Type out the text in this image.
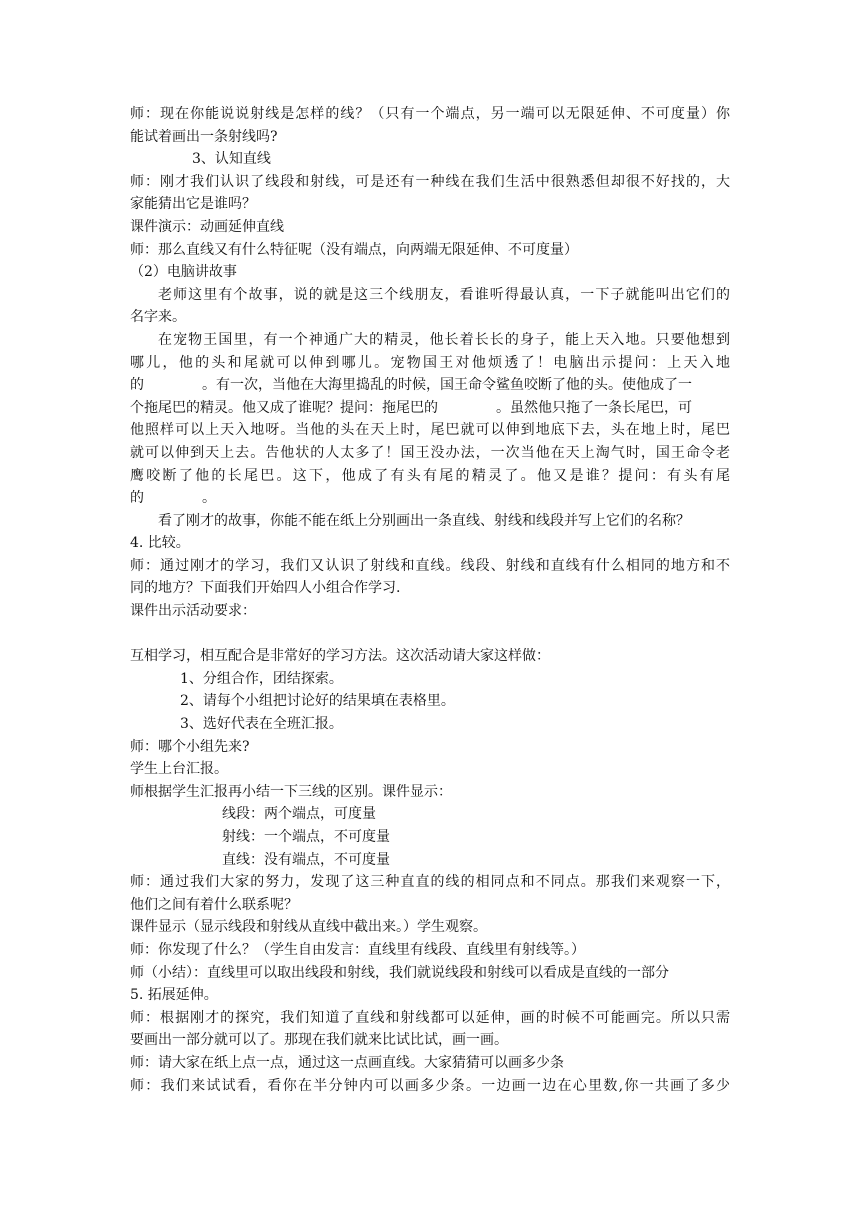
师：现在你能说说射线是怎样的线？（只有一个端点，另一端可以无限延伸、不可度量）你
能试着画出一条射线吗?
3、认知直线
师：刚才我们认识了线段和射线，可是还有一种线在我们生活中很熟悉但却很不好找的，大
家能猜出它是谁吗？
课件演示：动画延伸直线
师：那么直线又有什么特征呢（没有端点，向两端无限延伸、不可度量）
（2）电脑讲故事
老师这里有个故事，说的就是这三个线朋友，看谁听得最认真，一下子就能叫出它们的
名字来。
在宠物王国里，有一个神通广大的精灵，他长着长长的身子，能上天入地。只要他想到
哪儿，他的头和尾就可以伸到哪儿。宠物国王对他烦透了！电脑出示提问：上天入地
的	。有一次，当他在大海里捣乱的时候，国王命令鲨鱼咬断了他的头。使他成了一
个拖尾巴的精灵。他又成了谁呢？提问：拖尾巴的	。虽然他只拖了一条长尾巴，可
他照样可以上天入地呀。当他的头在天上时，尾巴就可以伸到地底下去，头在地上时，尾巴
就可以伸到天上去。告他状的人太多了！国王没办法，一次当他在天上淘气时，国王命令老
鹰咬断了他的长尾巴。这下，他成了有头有尾的精灵了。他又是谁？提问：有头有尾
的	。
看了刚才的故事，你能不能在纸上分别画出一条直线、射线和线段并写上它们的名称？
4. 比较。
师：通过刚才的学习，我们又认识了射线和直线。线段、射线和直线有什么相同的地方和不
同的地方？下面我们开始四人小组合作学习.
课件出示活动要求：
互相学习，相互配合是非常好的学习方法。这次活动请大家这样做：
1、分组合作，团结探索。
2、请每个小组把讨论好的结果填在表格里。
3、选好代表在全班汇报。
师：哪个小组先来?
学生上台汇报。
师根据学生汇报再小结一下三线的区别。课件显示：
线段：两个端点，可度量
射线：一个端点，不可度量
直线：没有端点，不可度量
师：通过我们大家的努力，发现了这三种直直的线的相同点和不同点。那我们来观察一下，
他们之间有着什么联系呢？
课件显示（显示线段和射线从直线中截出来。）学生观察。
师：你发现了什么？（学生自由发言：直线里有线段、直线里有射线等。）
师（小结）：直线里可以取出线段和射线，我们就说线段和射线可以看成是直线的一部分
5. 拓展延伸。
师：根据刚才的探究，我们知道了直线和射线都可以延伸，画的时候不可能画完。所以只需
要画出一部分就可以了。那现在我们就来比试比试，画一画。
师：请大家在纸上点一点，通过这一点画直线。大家猜猜可以画多少条
师：我们来试试看，看你在半分钟内可以画多少条。一边画一边在心里数,你一共画了多少
